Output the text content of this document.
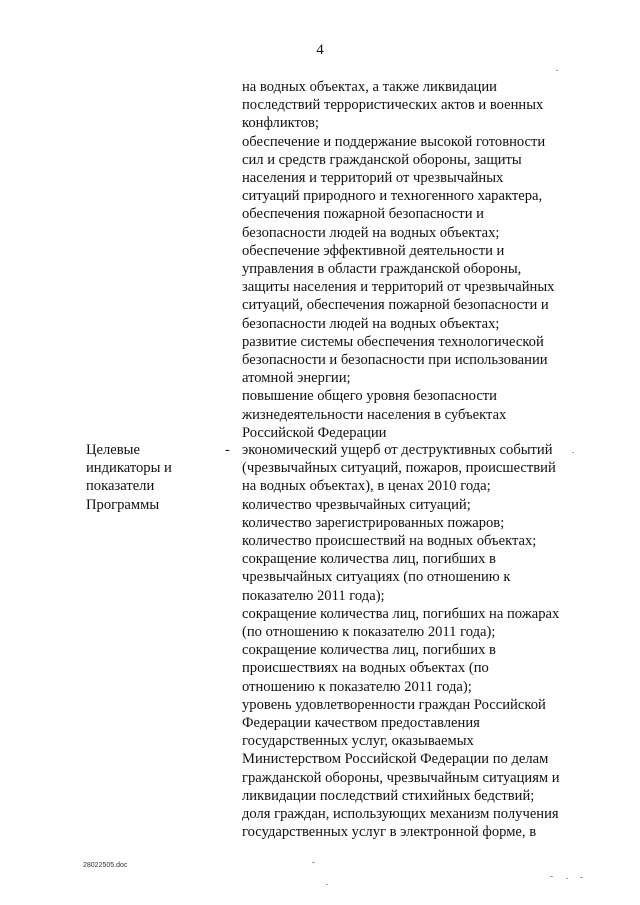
4
на водных объектах, а также ликвидации
последствий террористических актов и военных
конфликтов;
обеспечение и поддержание высокой готовности
сил и средств гражданской обороны, защиты
населения и территорий от чрезвычайных
ситуаций природного и техногенного характера,
обеспечения пожарной безопасности и
безопасности людей на водных объектах;
обеспечение эффективной деятельности и
управления в области гражданской обороны,
защиты населения и территорий от чрезвычайных
ситуаций, обеспечения пожарной безопасности и
безопасности людей на водных объектах;
развитие системы обеспечения технологической
безопасности и безопасности при использовании
атомной энергии;
повышение общего уровня безопасности
жизнедеятельности населения в субъектах
Российской Федерации
Целевые
индикаторы и
показатели
Программы
- экономический ущерб от деструктивных событий
(чрезвычайных ситуаций, пожаров, происшествий
на водных объектах), в ценах 2010 года;
количество чрезвычайных ситуаций;
количество зарегистрированных пожаров;
количество происшествий на водных объектах;
сокращение количества лиц, погибших в
чрезвычайных ситуациях (по отношению к
показателю 2011 года);
сокращение количества лиц, погибших на пожарах
(по отношению к показателю 2011 года);
сокращение количества лиц, погибших в
происшествиях на водных объектах (по
отношению к показателю 2011 года);
уровень удовлетворенности граждан Российской
Федерации качеством предоставления
государственных услуг, оказываемых
Министерством Российской Федерации по делам
гражданской обороны, чрезвычайным ситуациям и
ликвидации последствий стихийных бедствий;
доля граждан, использующих механизм получения
государственных услуг в электронной форме, в
28022505.doc
